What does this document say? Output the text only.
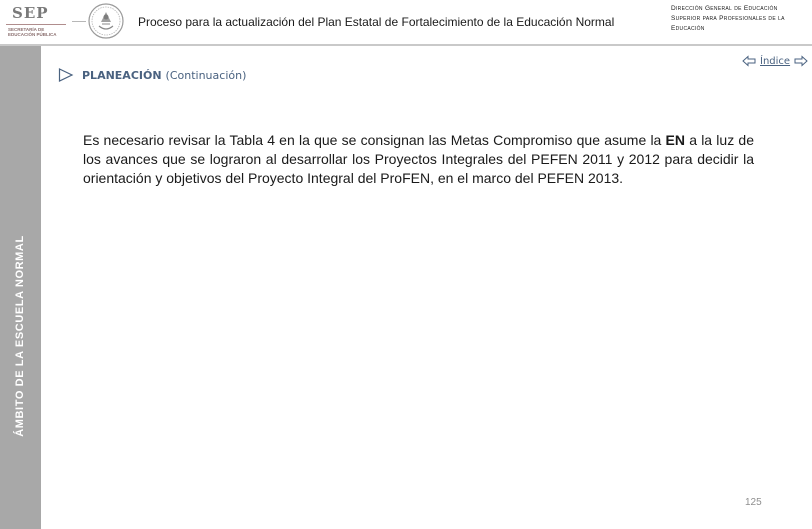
SEP
SECRETARÍA DE
EDUCACIÓN PÚBLICA
Proceso para la actualización del Plan Estatal de Fortalecimiento de la Educación Normal
Dirección General de Educación Superior para Profesionales de la Educación
ÁMBITO DE LA ESCUELA NORMAL
Índice
PLANEACIÓN (Continuación)

Es necesario revisar la Tabla 4 en la que se consignan las Metas Compromiso que asume la EN a la luz de los avances que se lograron al desarrollar los Proyectos Integrales del PEFEN 2011 y 2012 para decidir la orientación y objetivos del Proyecto Integral del ProFEN, en el marco del PEFEN 2013.

125
